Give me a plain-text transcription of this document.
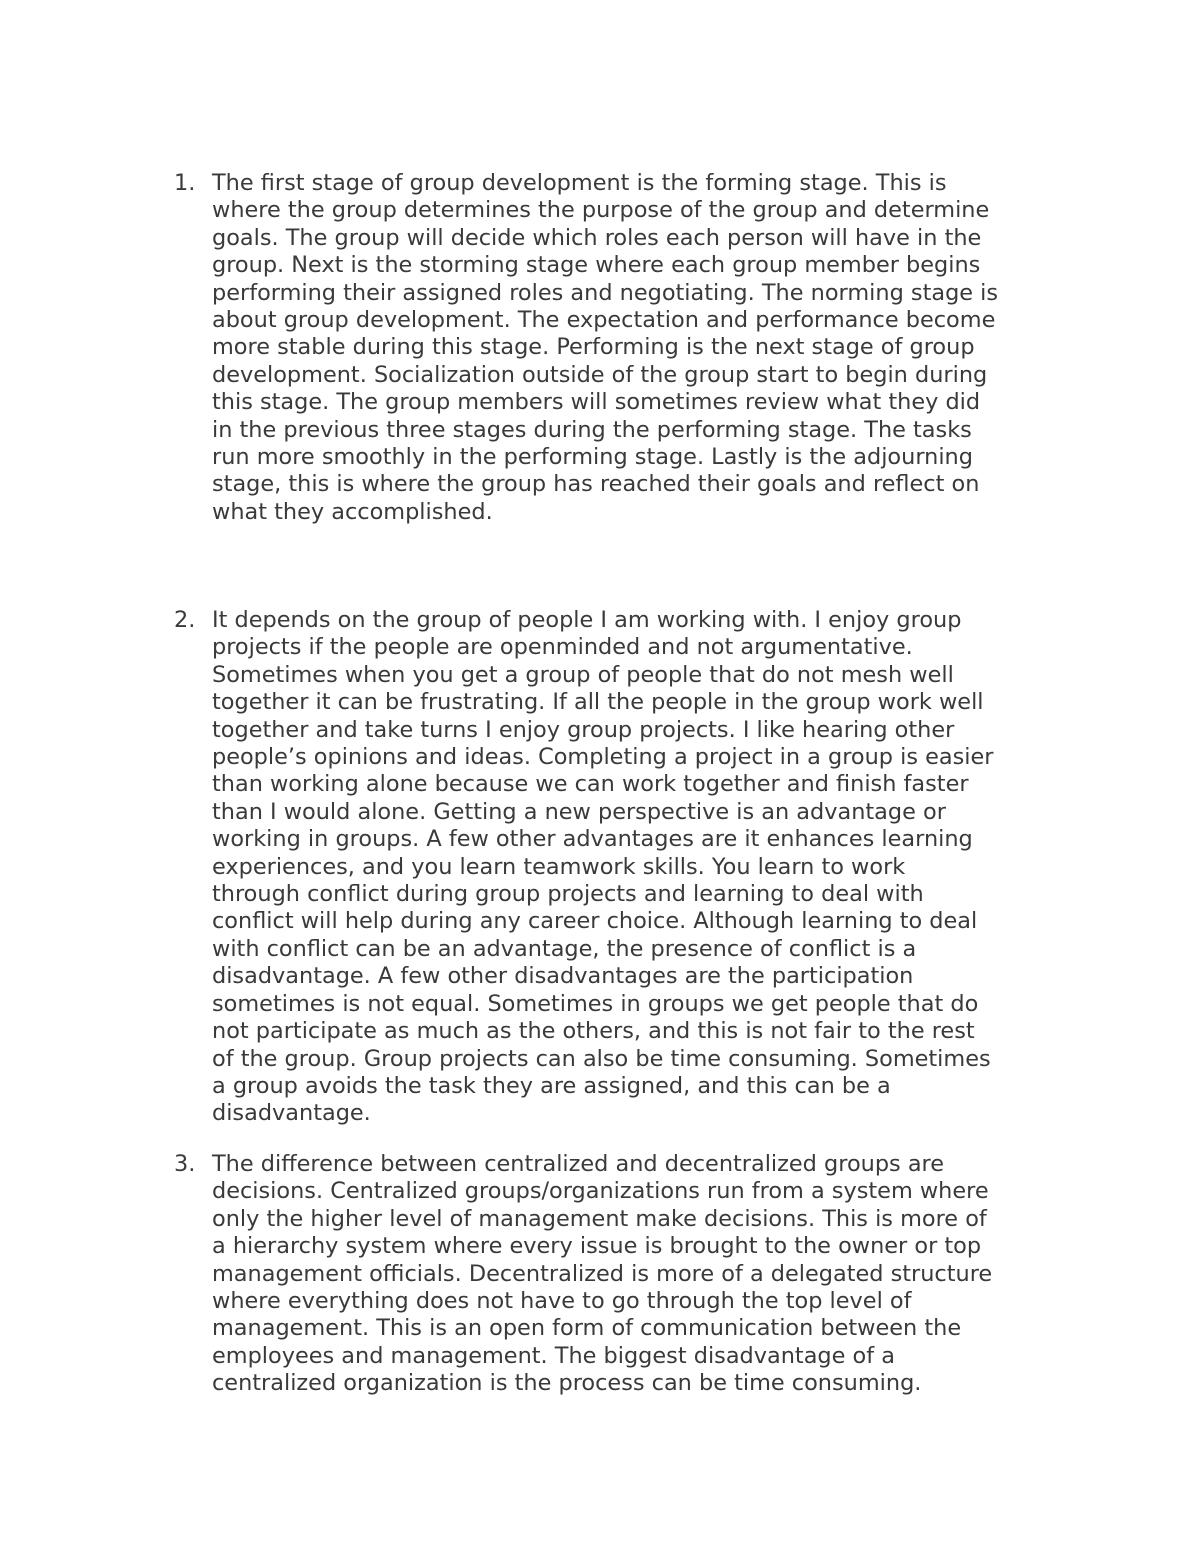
1. The first stage of group development is the forming stage. This is
where the group determines the purpose of the group and determine
goals. The group will decide which roles each person will have in the
group. Next is the storming stage where each group member begins
performing their assigned roles and negotiating. The norming stage is
about group development. The expectation and performance become
more stable during this stage. Performing is the next stage of group
development. Socialization outside of the group start to begin during
this stage. The group members will sometimes review what they did
in the previous three stages during the performing stage. The tasks
run more smoothly in the performing stage. Lastly is the adjourning
stage, this is where the group has reached their goals and reflect on
what they accomplished.
2. It depends on the group of people I am working with. I enjoy group
projects if the people are openminded and not argumentative.
Sometimes when you get a group of people that do not mesh well
together it can be frustrating. If all the people in the group work well
together and take turns I enjoy group projects. I like hearing other
people’s opinions and ideas. Completing a project in a group is easier
than working alone because we can work together and finish faster
than I would alone. Getting a new perspective is an advantage or
working in groups. A few other advantages are it enhances learning
experiences, and you learn teamwork skills. You learn to work
through conflict during group projects and learning to deal with
conflict will help during any career choice. Although learning to deal
with conflict can be an advantage, the presence of conflict is a
disadvantage. A few other disadvantages are the participation
sometimes is not equal. Sometimes in groups we get people that do
not participate as much as the others, and this is not fair to the rest
of the group. Group projects can also be time consuming. Sometimes
a group avoids the task they are assigned, and this can be a
disadvantage.
3. The difference between centralized and decentralized groups are
decisions. Centralized groups/organizations run from a system where
only the higher level of management make decisions. This is more of
a hierarchy system where every issue is brought to the owner or top
management officials. Decentralized is more of a delegated structure
where everything does not have to go through the top level of
management. This is an open form of communication between the
employees and management. The biggest disadvantage of a
centralized organization is the process can be time consuming.
